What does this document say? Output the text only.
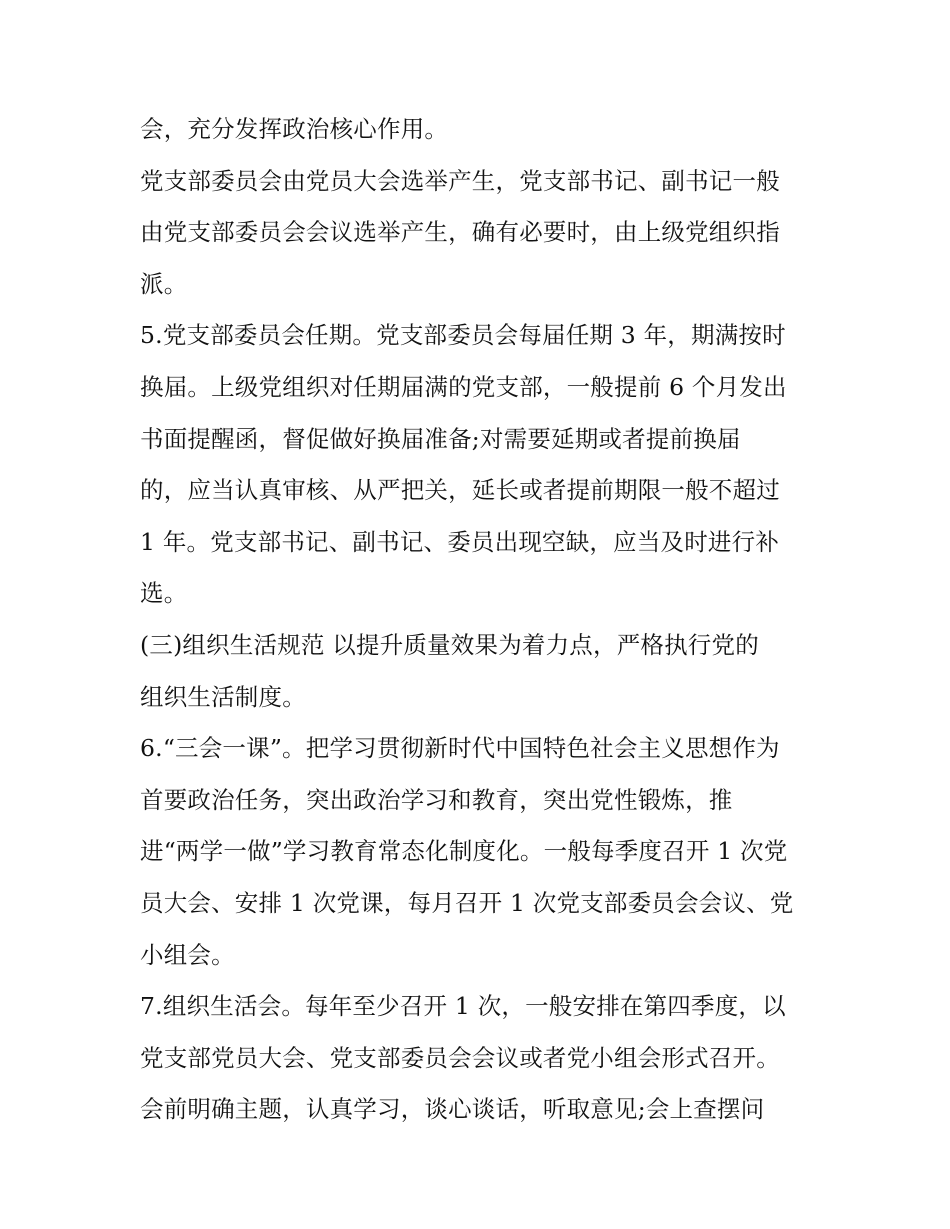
会，充分发挥政治核心作用。
党支部委员会由党员大会选举产生，党支部书记、副书记一般
由党支部委员会会议选举产生，确有必要时，由上级党组织指
派。
5.党支部委员会任期。党支部委员会每届任期 3 年，期满按时
换届。上级党组织对任期届满的党支部，一般提前 6 个月发出
书面提醒函，督促做好换届准备;对需要延期或者提前换届
的，应当认真审核、从严把关，延长或者提前期限一般不超过
1 年。党支部书记、副书记、委员出现空缺，应当及时进行补
选。
(三)组织生活规范 以提升质量效果为着力点，严格执行党的
组织生活制度。
6.“三会一课”。把学习贯彻新时代中国特色社会主义思想作为
首要政治任务，突出政治学习和教育，突出党性锻炼，推
进“两学一做”学习教育常态化制度化。一般每季度召开 1 次党
员大会、安排 1 次党课，每月召开 1 次党支部委员会会议、党
小组会。
7.组织生活会。每年至少召开 1 次，一般安排在第四季度，以
党支部党员大会、党支部委员会会议或者党小组会形式召开。
会前明确主题，认真学习，谈心谈话，听取意见;会上查摆问
